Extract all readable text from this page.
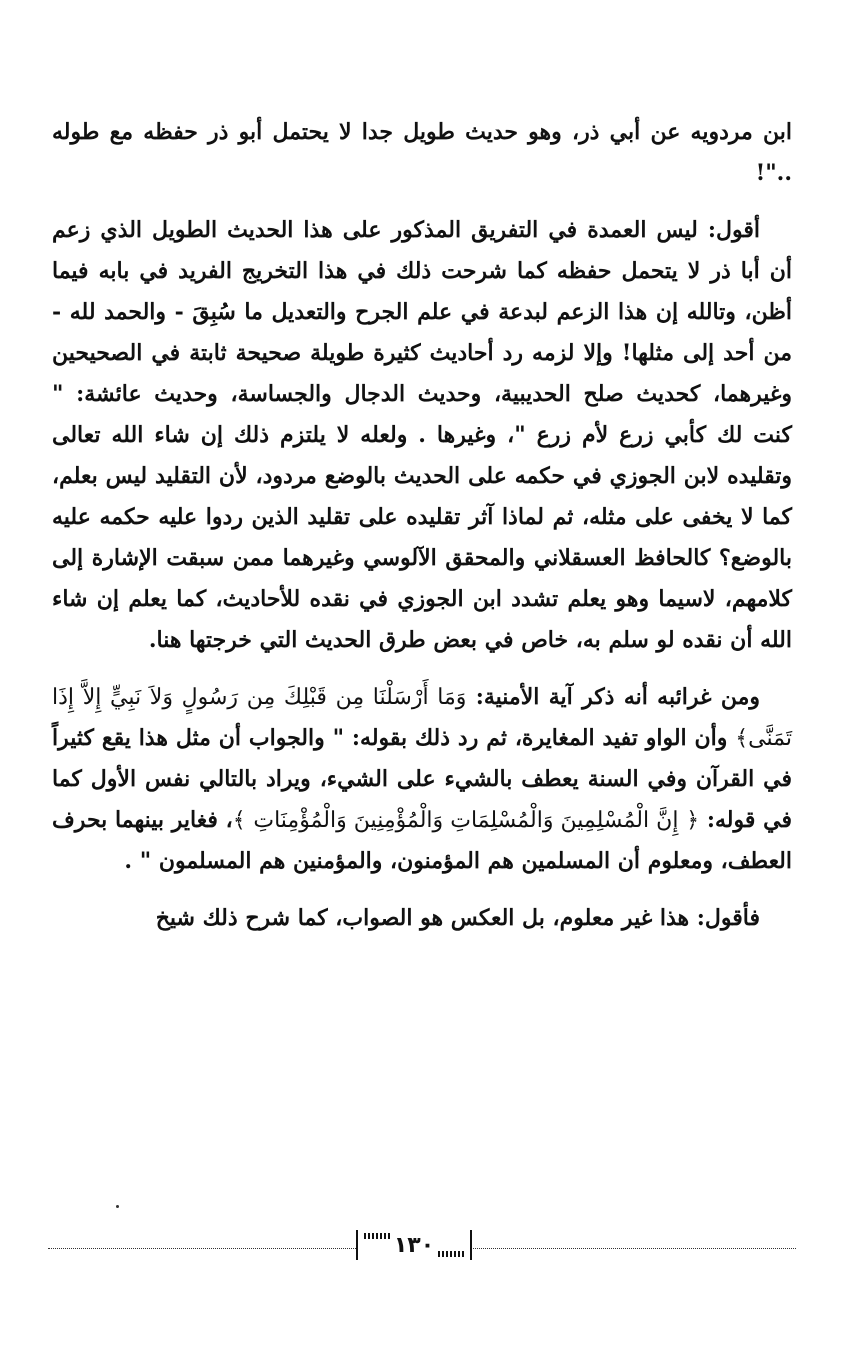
ابن مردويه عن أبي ذر، وهو حديث طويل جدا لا يحتمل أبو ذر حفظه مع طوله .."!

أقول: ليس العمدة في التفريق المذكور على هذا الحديث الطويل الذي زعم أن أبا ذر لا يتحمل حفظه كما شرحت ذلك في هذا التخريج الفريد في بابه فيما أظن، وتالله إن هذا الزعم لبدعة في علم الجرح والتعديل ما سُبِقَ - والحمد لله - من أحد إلى مثلها! وإلا لزمه رد أحاديث كثيرة طويلة صحيحة ثابتة في الصحيحين وغيرهما، كحديث صلح الحديبية، وحديث الدجال والجساسة، وحديث عائشة: " كنت لك كأبي زرع لأم زرع "، وغيرها . ولعله لا يلتزم ذلك إن شاء الله تعالى وتقليده لابن الجوزي في حكمه على الحديث بالوضع مردود، لأن التقليد ليس بعلم، كما لا يخفى على مثله، ثم لماذا آثر تقليده على تقليد الذين ردوا عليه حكمه عليه بالوضع؟ كالحافظ العسقلاني والمحقق الآلوسي وغيرهما ممن سبقت الإشارة إلى كلامهم، لاسيما وهو يعلم تشدد ابن الجوزي في نقده للأحاديث، كما يعلم إن شاء الله أن نقده لو سلم به، خاص في بعض طرق الحديث التي خرجتها هنا.

ومن غرائبه أنه ذكر آية الأمنية: وَمَا أَرْسَلْنَا مِن قَبْلِكَ مِن رَسُولٍ وَلاَ نَبِيٍّ إِلاَّ إِذَا تَمَنَّى﴾ وأن الواو تفيد المغايرة، ثم رد ذلك بقوله: " والجواب أن مثل هذا يقع كثيراً في القرآن وفي السنة يعطف بالشيء على الشيء، ويراد بالتالي نفس الأول كما في قوله: ﴿ إِنَّ الْمُسْلِمِينَ وَالْمُسْلِمَاتِ وَالْمُؤْمِنِينَ وَالْمُؤْمِنَاتِ ﴾، فغاير بينهما بحرف العطف، ومعلوم أن المسلمين هم المؤمنون، والمؤمنين هم المسلمون " .

فأقول: هذا غير معلوم، بل العكس هو الصواب، كما شرح ذلك شيخ

١٣٠
